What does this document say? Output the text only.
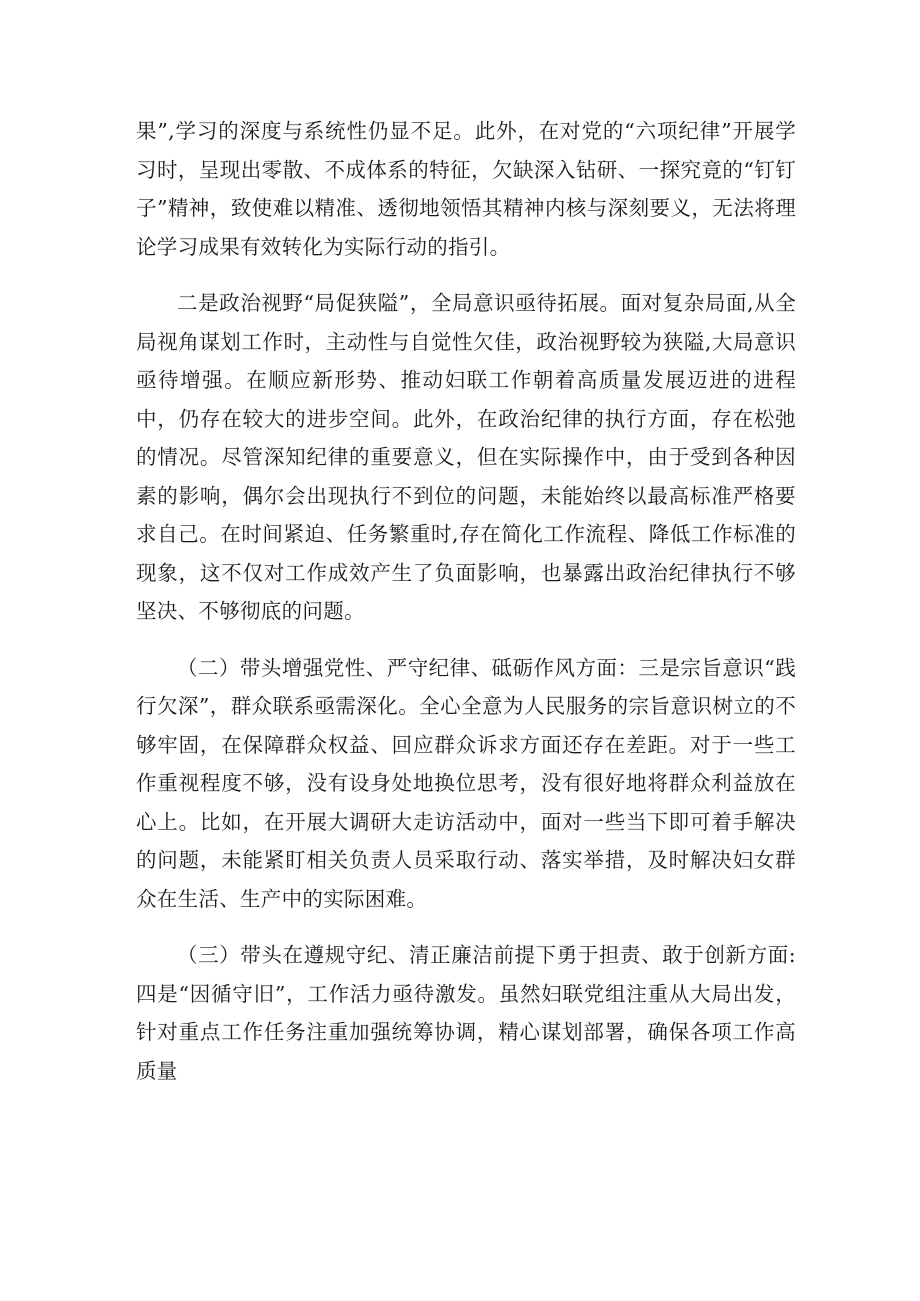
果”,学习的深度与系统性仍显不足。此外，在对党的“六项纪律”开展学习时，呈现出零散、不成体系的特征，欠缺深入钻研、一探究竟的“钉钉子”精神，致使难以精准、透彻地领悟其精神内核与深刻要义，无法将理论学习成果有效转化为实际行动的指引。

二是政治视野“局促狭隘”，全局意识亟待拓展。面对复杂局面,从全局视角谋划工作时，主动性与自觉性欠佳，政治视野较为狭隘,大局意识亟待增强。在顺应新形势、推动妇联工作朝着高质量发展迈进的进程中，仍存在较大的进步空间。此外，在政治纪律的执行方面，存在松弛的情况。尽管深知纪律的重要意义，但在实际操作中，由于受到各种因素的影响，偶尔会出现执行不到位的问题，未能始终以最高标准严格要求自己。在时间紧迫、任务繁重时,存在简化工作流程、降低工作标准的现象，这不仅对工作成效产生了负面影响，也暴露出政治纪律执行不够坚决、不够彻底的问题。

（二）带头增强党性、严守纪律、砥砺作风方面：三是宗旨意识“践行欠深”，群众联系亟需深化。全心全意为人民服务的宗旨意识树立的不够牢固，在保障群众权益、回应群众诉求方面还存在差距。对于一些工作重视程度不够，没有设身处地换位思考，没有很好地将群众利益放在心上。比如，在开展大调研大走访活动中，面对一些当下即可着手解决的问题，未能紧盯相关负责人员采取行动、落实举措，及时解决妇女群众在生活、生产中的实际困难。

（三）带头在遵规守纪、清正廉洁前提下勇于担责、敢于创新方面:四是“因循守旧”，工作活力亟待激发。虽然妇联党组注重从大局出发，针对重点工作任务注重加强统筹协调，精心谋划部署，确保各项工作高质量
